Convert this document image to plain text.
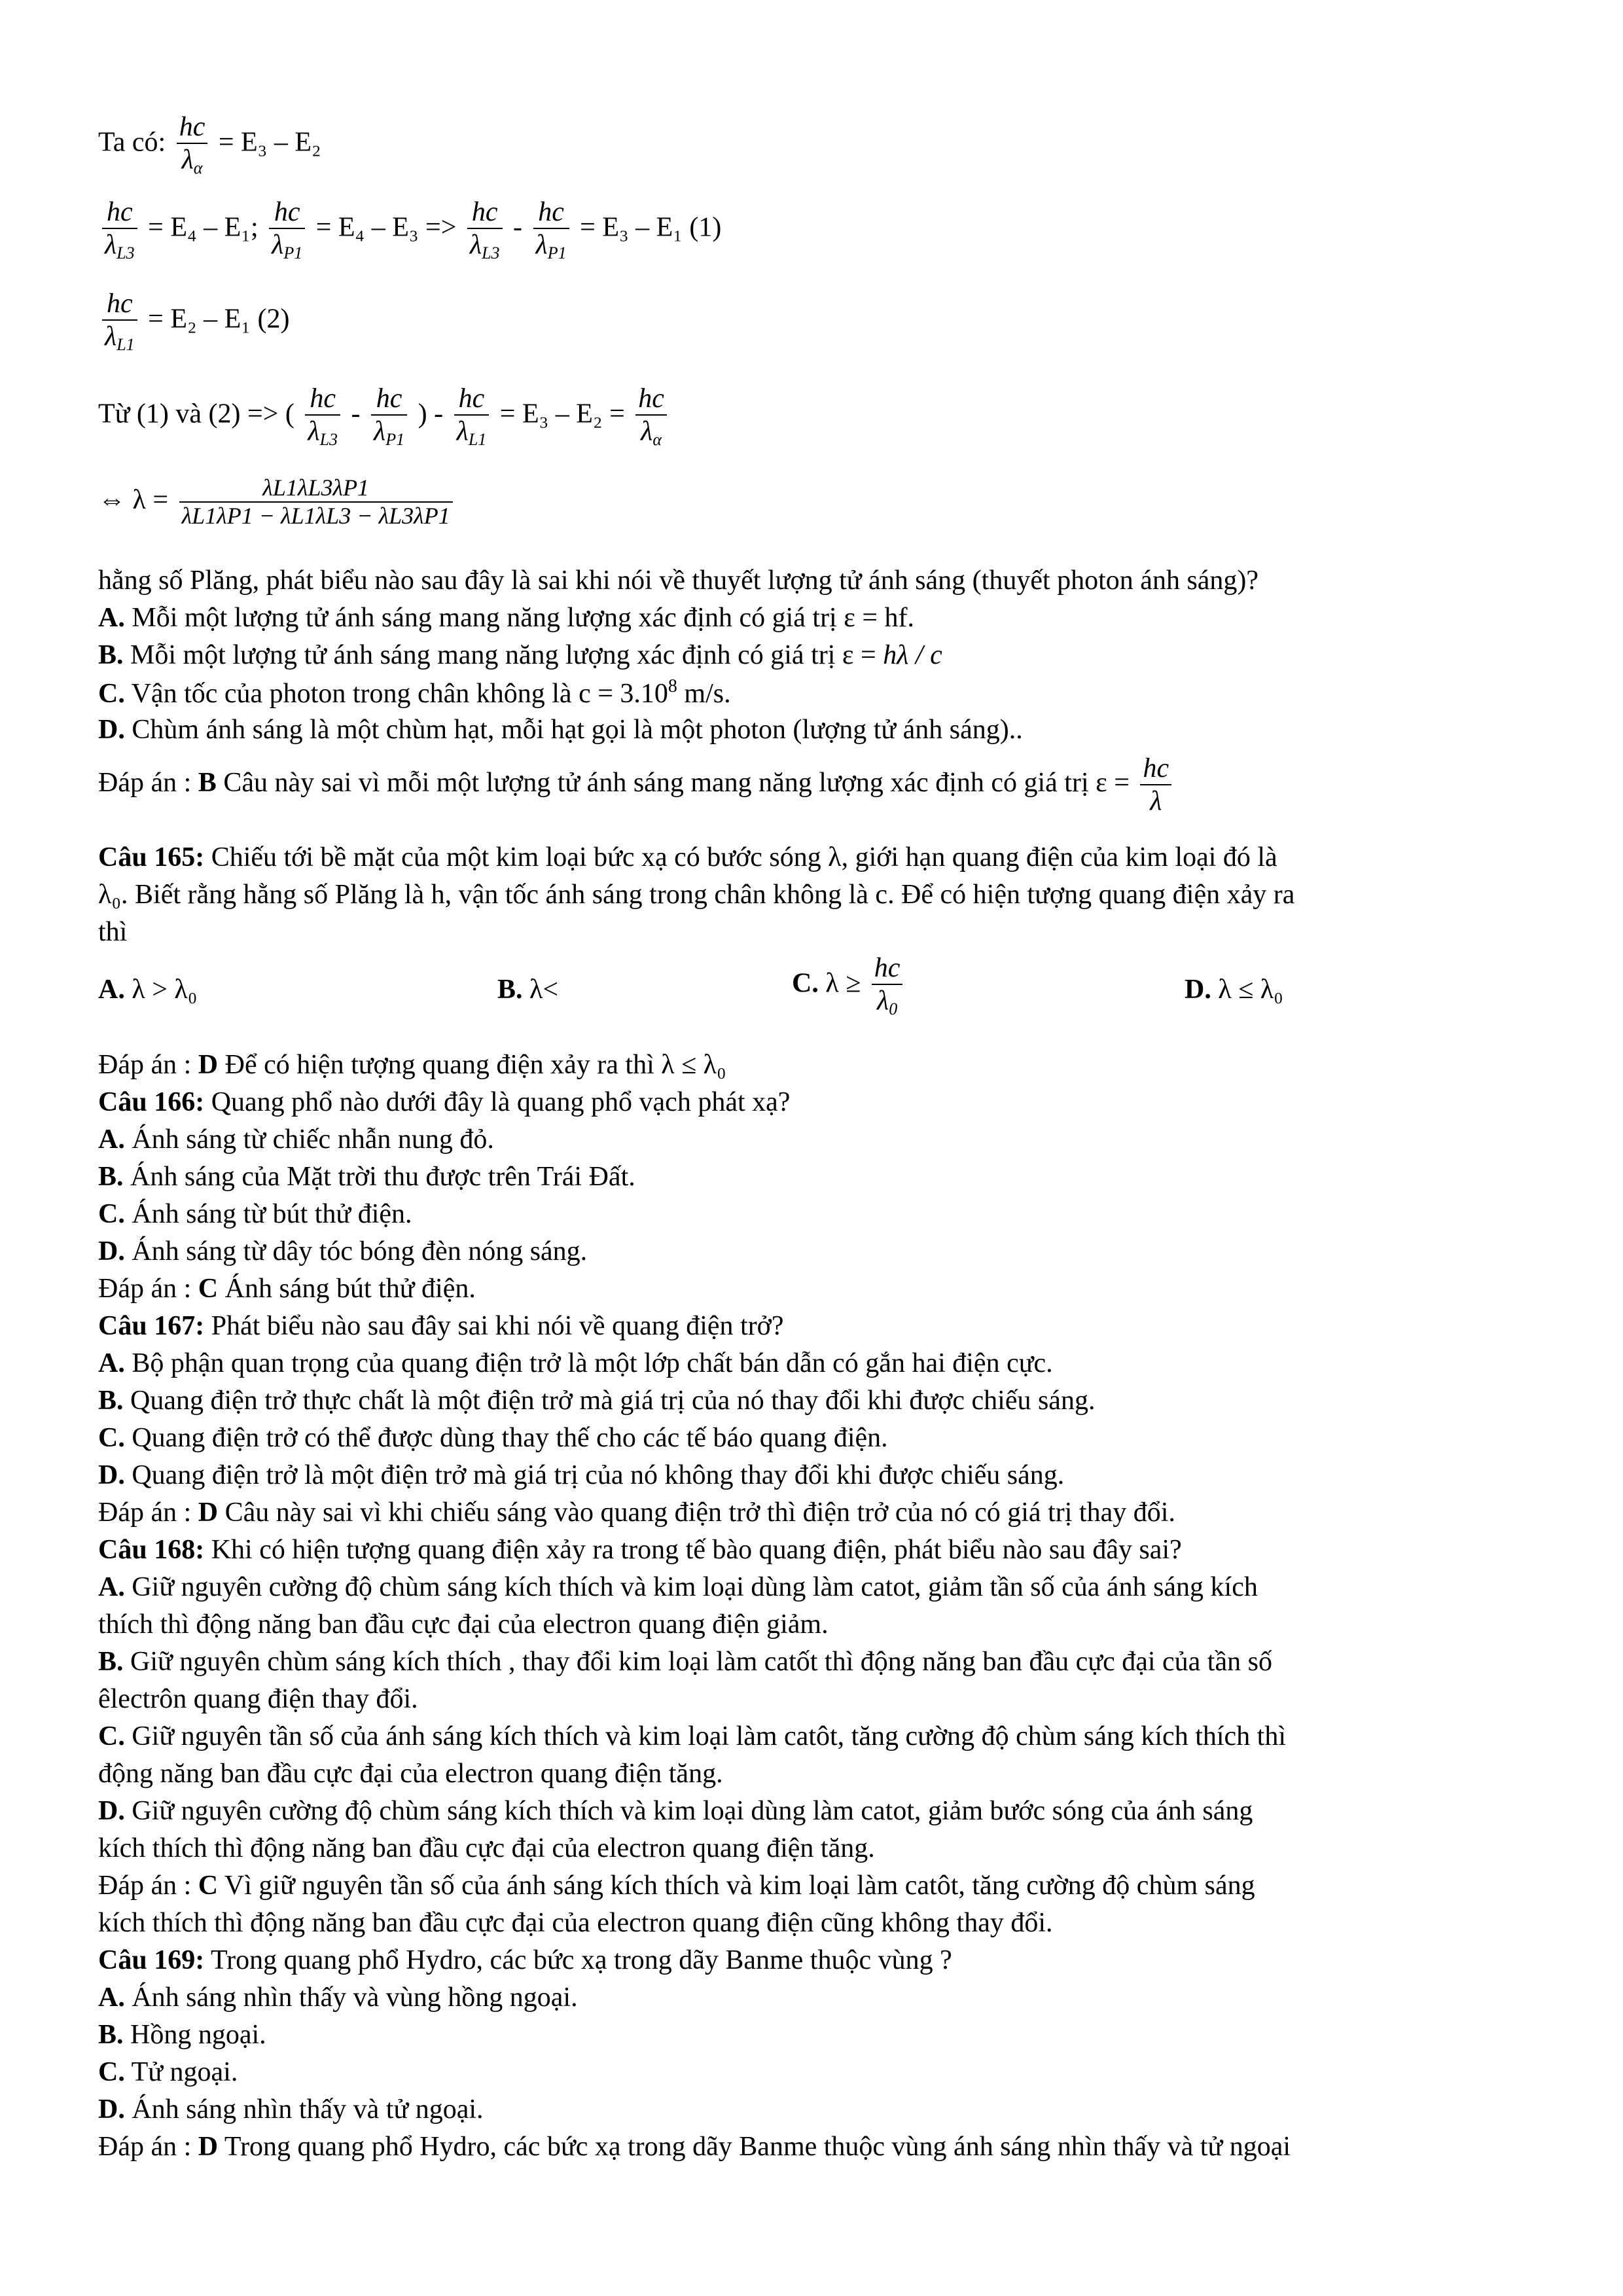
Ta có: $\frac{hc}{\lambda_\alpha} = E_3 - E_2$
$\frac{hc}{\lambda_{L3}} = E_4 - E_1$; $\frac{hc}{\lambda_{P1}} = E_4 - E_3 => \frac{hc}{\lambda_{L3}} - \frac{hc}{\lambda_{P1}} = E_3 - E_1$ (1)
$\frac{hc}{\lambda_{L1}} = E_2 - E_1$ (2)
Từ (1) và (2) => ( $\frac{hc}{\lambda_{L3}} - \frac{hc}{\lambda_{P1}}$ ) - $\frac{hc}{\lambda_{L1}} = E_3 - E_2 = \frac{hc}{\lambda_\alpha}$
⇔ $\lambda = \frac{\lambda L1\lambda L3\lambda P1}{\lambda L1\lambda P1 - \lambda L1\lambda L3 - \lambda L3\lambda P1}$
hằng số Plăng, phát biểu nào sau đây là sai khi nói về thuyết lượng tử ánh sáng (thuyết photon ánh sáng)?
A. Mỗi một lượng tử ánh sáng mang năng lượng xác định có giá trị ε = hf.
B. Mỗi một lượng tử ánh sáng mang năng lượng xác định có giá trị ε = hλ / c
C. Vận tốc của photon trong chân không là $c = 3.10^8$ m/s.
D. Chùm ánh sáng là một chùm hạt, mỗi hạt gọi là một photon (lượng tử ánh sáng)..
Đáp án : B Câu này sai vì mỗi một lượng tử ánh sáng mang năng lượng xác định có giá trị $\varepsilon = \frac{hc}{\lambda}$
Câu 165: Chiếu tới bề mặt của một kim loại bức xạ có bước sóng λ, giới hạn quang điện của kim loại đó là
λ₀. Biết rằng hằng số Plăng là h, vận tốc ánh sáng trong chân không là c. Để có hiện tượng quang điện xảy ra
thì
A. λ > λ₀	B. λ<	C. $\lambda \ge \frac{hc}{\lambda_0}$	D. λ ≤ λ₀
Đáp án : D Để có hiện tượng quang điện xảy ra thì λ ≤ λ₀
Câu 166: Quang phổ nào dưới đây là quang phổ vạch phát xạ?
A. Ánh sáng từ chiếc nhẫn nung đỏ.
B. Ánh sáng của Mặt trời thu được trên Trái Đất.
C. Ánh sáng từ bút thử điện.
D. Ánh sáng từ dây tóc bóng đèn nóng sáng.
Đáp án : C Ánh sáng bút thử điện.
Câu 167: Phát biểu nào sau đây sai khi nói về quang điện trở?
A. Bộ phận quan trọng của quang điện trở là một lớp chất bán dẫn có gắn hai điện cực.
B. Quang điện trở thực chất là một điện trở mà giá trị của nó thay đổi khi được chiếu sáng.
C. Quang điện trở có thể được dùng thay thế cho các tế báo quang điện.
D. Quang điện trở là một điện trở mà giá trị của nó không thay đổi khi được chiếu sáng.
Đáp án : D Câu này sai vì khi chiếu sáng vào quang điện trở thì điện trở của nó có giá trị thay đổi.
Câu 168: Khi có hiện tượng quang điện xảy ra trong tế bào quang điện, phát biểu nào sau đây sai?
A. Giữ nguyên cường độ chùm sáng kích thích và kim loại dùng làm catot, giảm tần số của ánh sáng kích
thích thì động năng ban đầu cực đại của electron quang điện giảm.
B. Giữ nguyên chùm sáng kích thích , thay đổi kim loại làm catốt thì động năng ban đầu cực đại của tần số
êlectrôn quang điện thay đổi.
C. Giữ nguyên tần số của ánh sáng kích thích và kim loại làm catôt, tăng cường độ chùm sáng kích thích thì
động năng ban đầu cực đại của electron quang điện tăng.
D. Giữ nguyên cường độ chùm sáng kích thích và kim loại dùng làm catot, giảm bước sóng của ánh sáng
kích thích thì động năng ban đầu cực đại của electron quang điện tăng.
Đáp án : C Vì giữ nguyên tần số của ánh sáng kích thích và kim loại làm catôt, tăng cường độ chùm sáng
kích thích thì động năng ban đầu cực đại của electron quang điện cũng không thay đổi.
Câu 169: Trong quang phổ Hydro, các bức xạ trong dãy Banme thuộc vùng ?
A. Ánh sáng nhìn thấy và vùng hồng ngoại.
B. Hồng ngoại.
C. Tử ngoại.
D. Ánh sáng nhìn thấy và tử ngoại.
Đáp án : D Trong quang phổ Hydro, các bức xạ trong dãy Banme thuộc vùng ánh sáng nhìn thấy và tử ngoại
